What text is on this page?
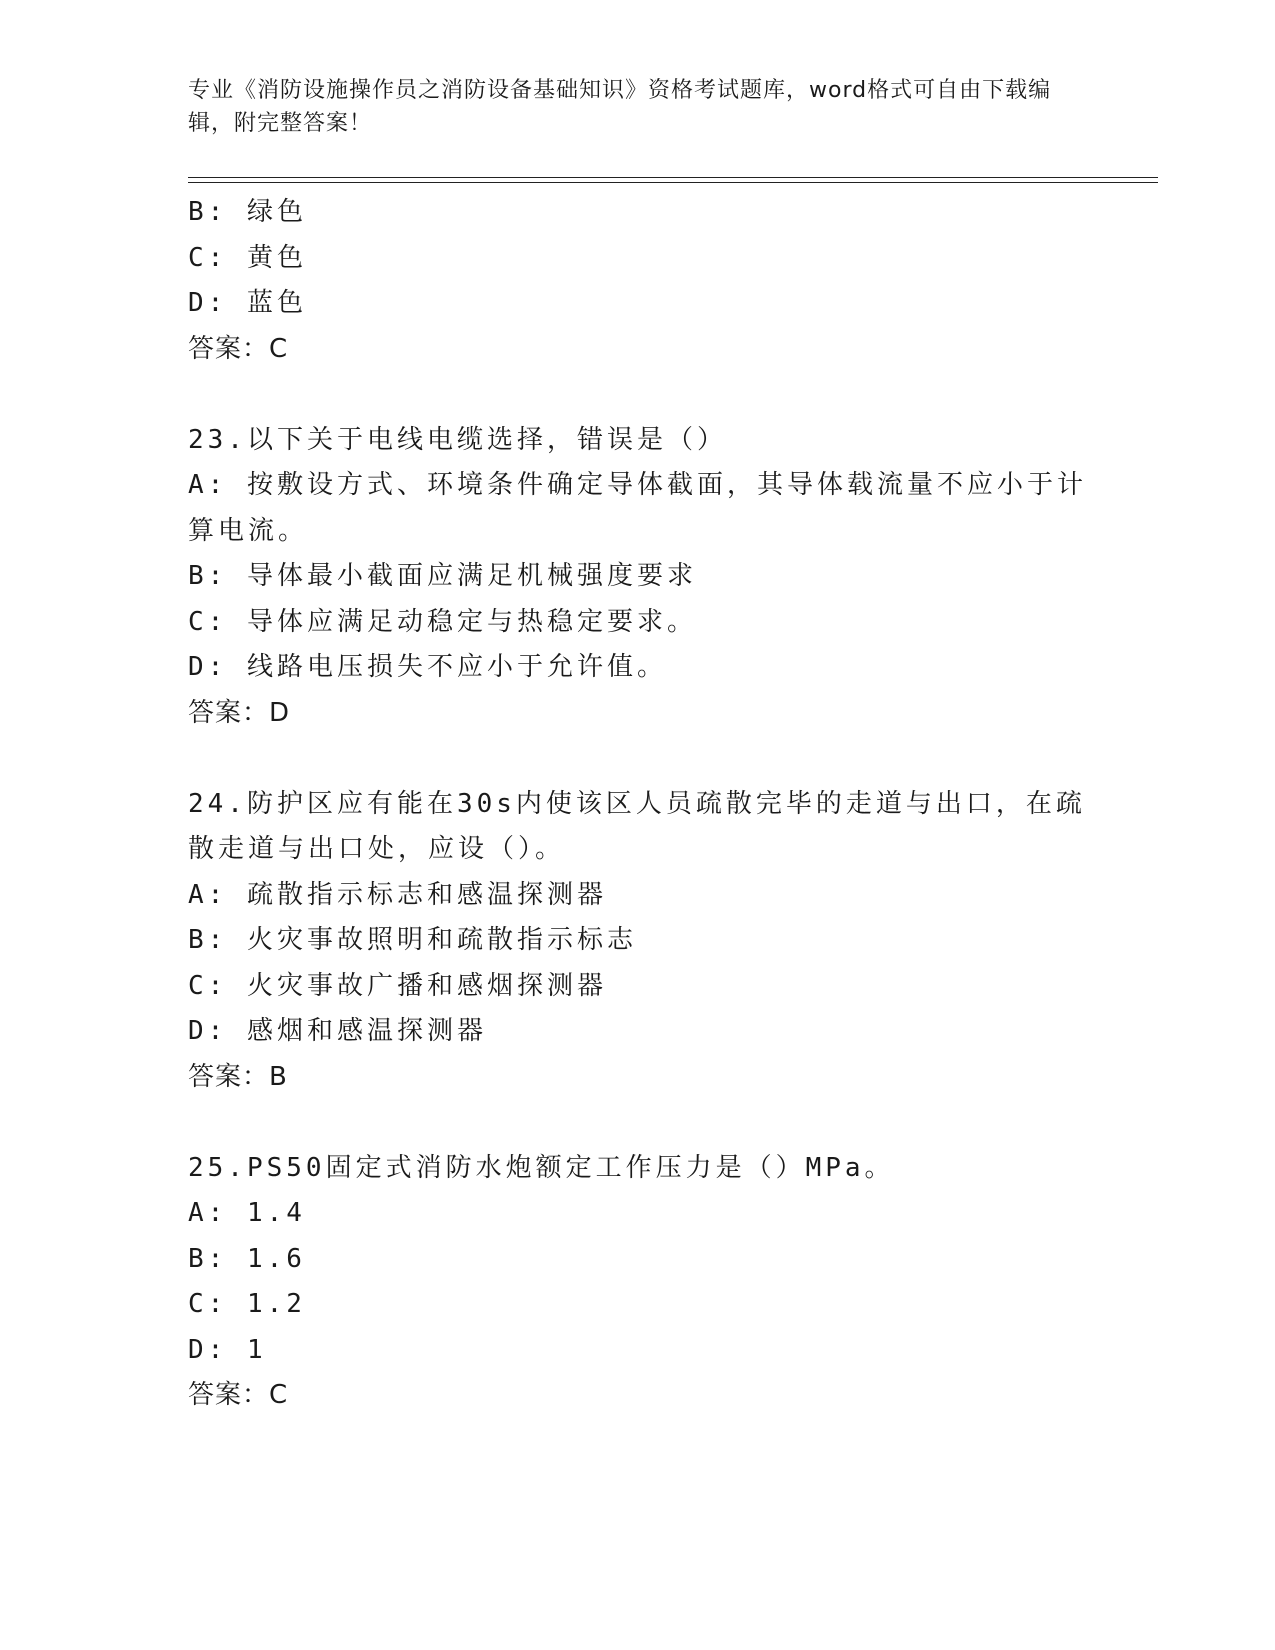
专业《消防设施操作员之消防设备基础知识》资格考试题库，word格式可自由下载编辑，附完整答案！
B: 绿色
C: 黄色
D: 蓝色
答案：C
23.以下关于电线电缆选择，错误是（）
A: 按敷设方式、环境条件确定导体截面，其导体载流量不应小于计算电流。
B: 导体最小截面应满足机械强度要求
C: 导体应满足动稳定与热稳定要求。
D: 线路电压损失不应小于允许值。
答案：D
24.防护区应有能在30s内使该区人员疏散完毕的走道与出口，在疏散走道与出口处，应设（）。
A: 疏散指示标志和感温探测器
B: 火灾事故照明和疏散指示标志
C: 火灾事故广播和感烟探测器
D: 感烟和感温探测器
答案：B
25.PS50固定式消防水炮额定工作压力是（）MPa。
A: 1.4
B: 1.6
C: 1.2
D: 1
答案：C
